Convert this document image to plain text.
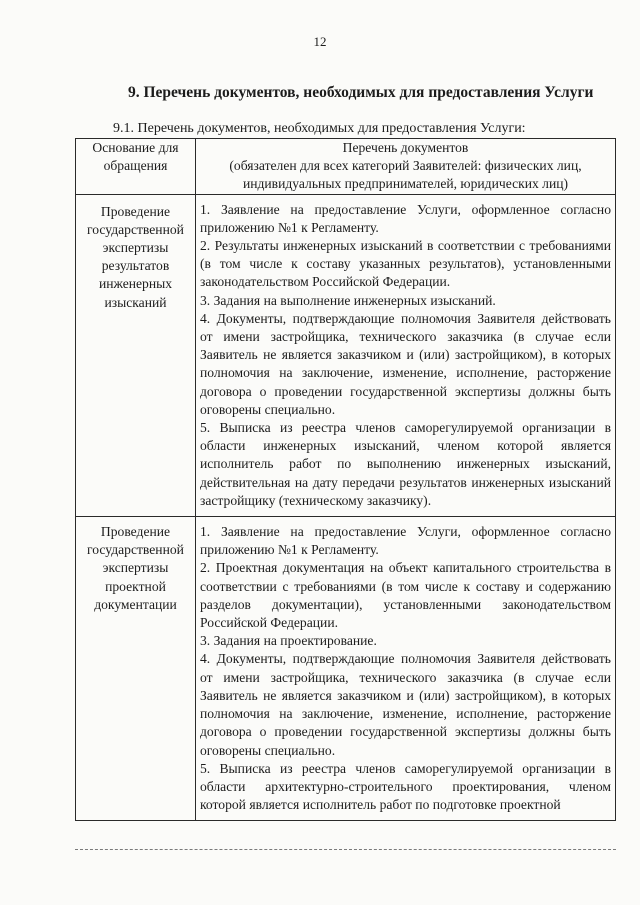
12
9. Перечень документов, необходимых для предоставления Услуги
9.1. Перечень документов, необходимых для предоставления Услуги:
Основание для обращения	Перечень документов
(обязателен для всех категорий Заявителей: физических лиц, индивидуальных предпринимателей, юридических лиц)

Проведение государственной экспертизы результатов инженерных изысканий	1. Заявление на предоставление Услуги, оформленное согласно приложению №1 к Регламенту.
2. Результаты инженерных изысканий в соответствии с требованиями (в том числе к составу указанных результатов), установленными законодательством Российской Федерации.
3. Задания на выполнение инженерных изысканий.
4. Документы, подтверждающие полномочия Заявителя действовать от имени застройщика, технического заказчика (в случае если Заявитель не является заказчиком и (или) застройщиком), в которых полномочия на заключение, изменение, исполнение, расторжение договора о проведении государственной экспертизы должны быть оговорены специально.
5. Выписка из реестра членов саморегулируемой организации в области инженерных изысканий, членом которой является исполнитель работ по выполнению инженерных изысканий, действительная на дату передачи результатов инженерных изысканий застройщику (техническому заказчику).

Проведение государственной экспертизы проектной документации	1. Заявление на предоставление Услуги, оформленное согласно приложению №1 к Регламенту.
2. Проектная документация на объект капитального строительства в соответствии с требованиями (в том числе к составу и содержанию разделов документации), установленными законодательством Российской Федерации.
3. Задания на проектирование.
4. Документы, подтверждающие полномочия Заявителя действовать от имени застройщика, технического заказчика (в случае если Заявитель не является заказчиком и (или) застройщиком), в которых полномочия на заключение, изменение, исполнение, расторжение договора о проведении государственной экспертизы должны быть оговорены специально.
5. Выписка из реестра членов саморегулируемой организации в области архитектурно-строительного проектирования, членом которой является исполнитель работ по подготовке проектной
